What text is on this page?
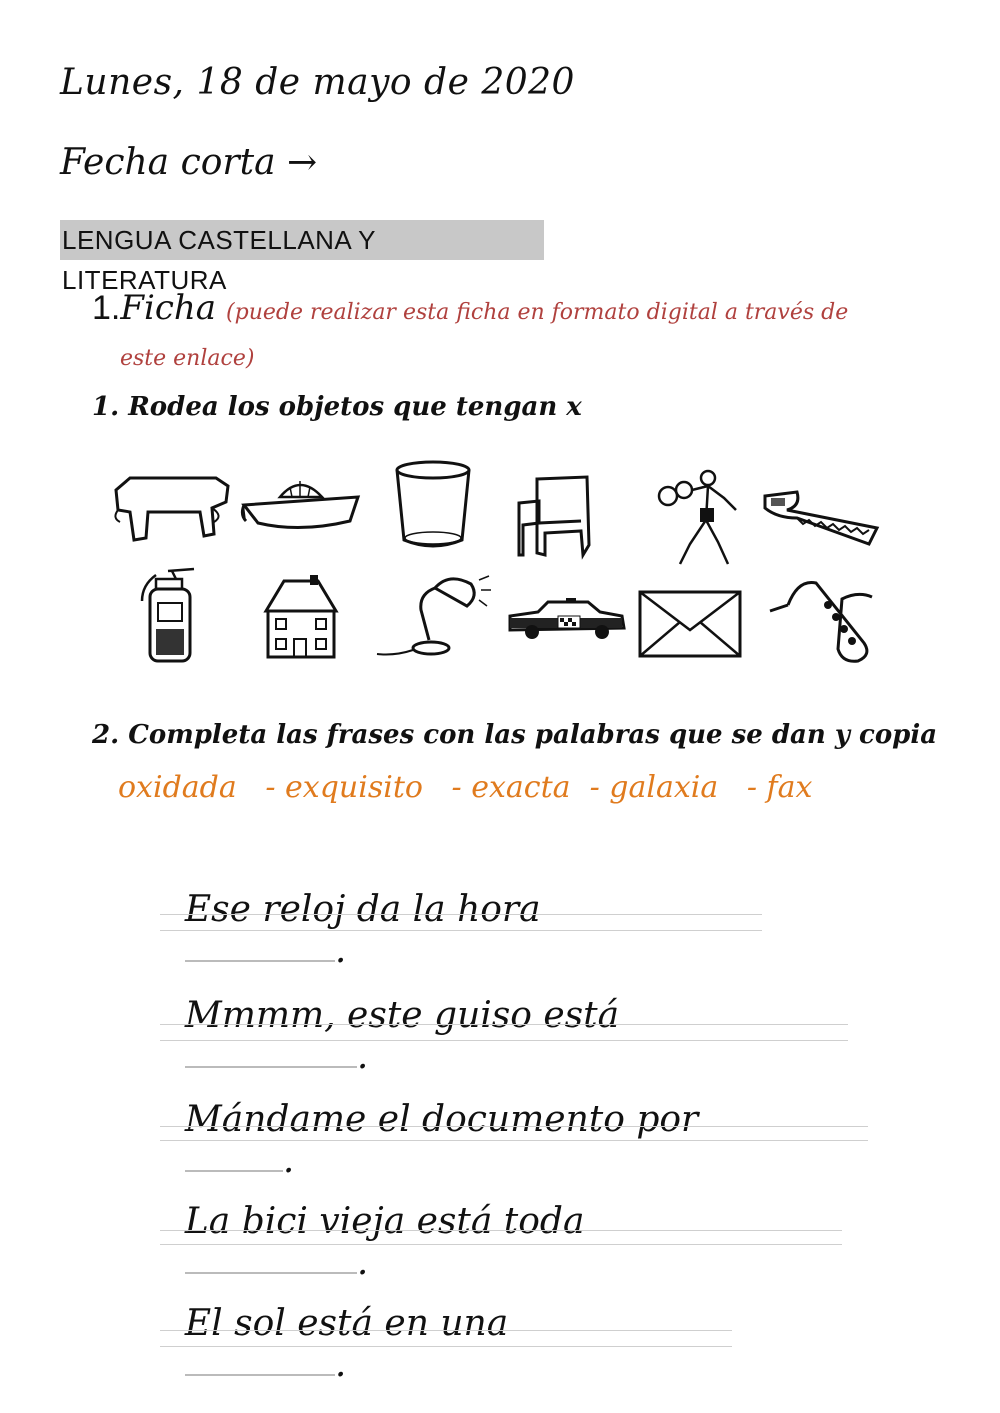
Lunes, 18 de mayo de 2020
Fecha corta →
LENGUA CASTELLANA Y LITERATURA
1.Ficha (puede realizar esta ficha en formato digital a través de
este enlace)
1. Rodea los objetos que tengan x
2. Completa las frases con las palabras que se dan y copia
oxidada   - exquisito   - exacta  - galaxia   - fax

Ese reloj da la hora
.

Mmmm, este guiso está
.

Mándame el documento por
.

La bici vieja está toda
.

El sol está en una
.
